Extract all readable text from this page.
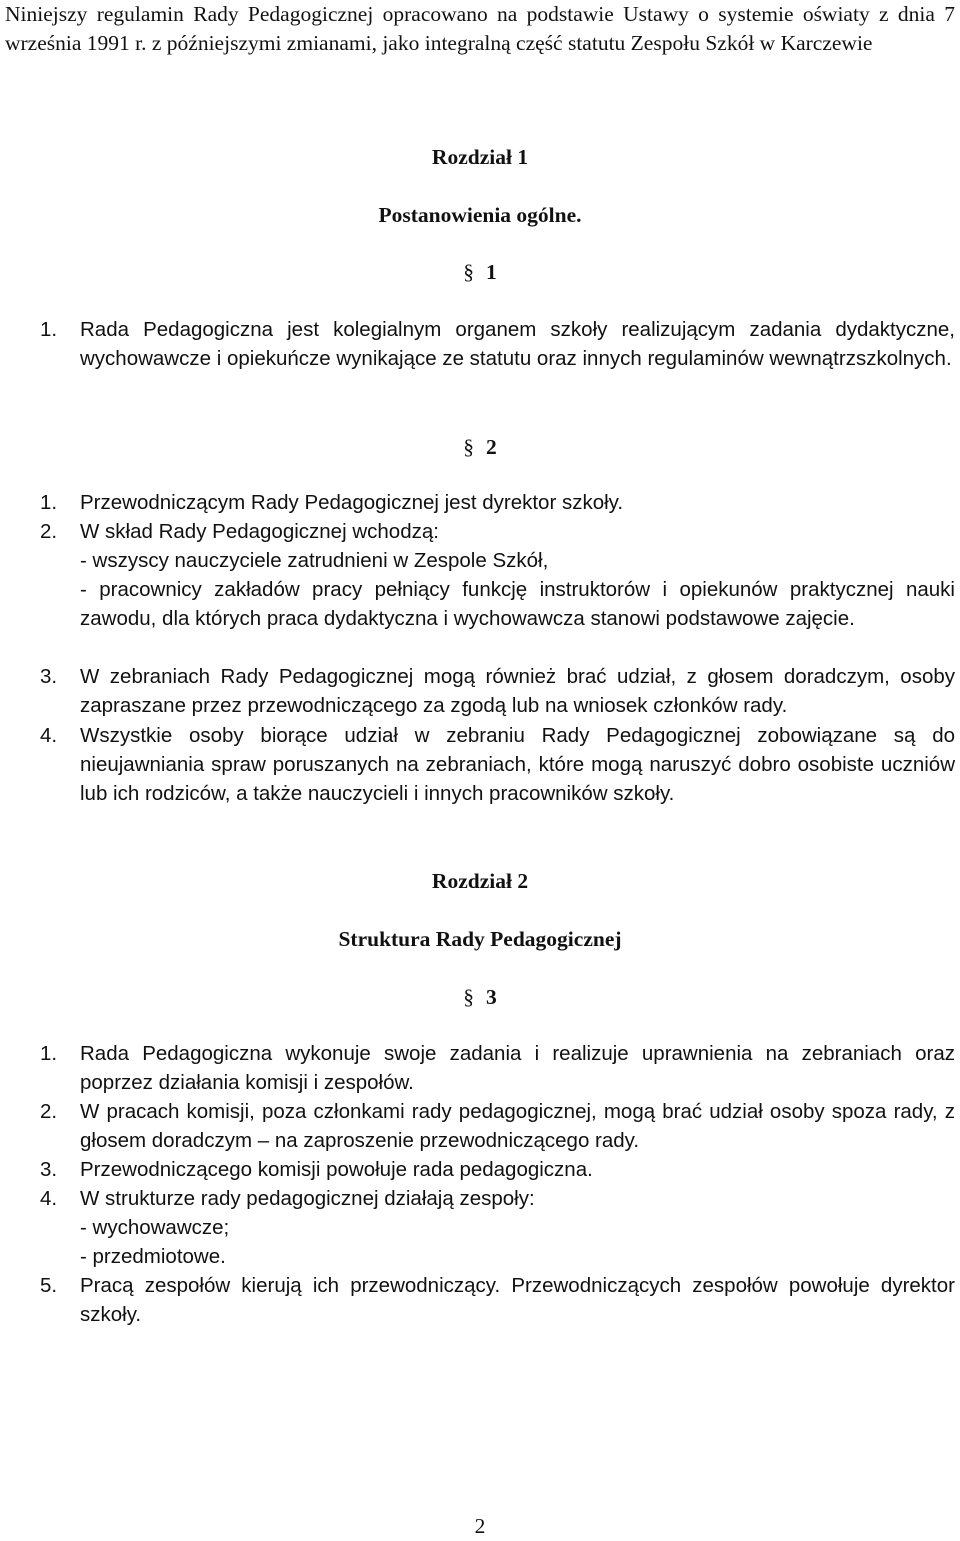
Niniejszy regulamin Rady Pedagogicznej opracowano na podstawie Ustawy o systemie oświaty z dnia 7 września 1991 r. z późniejszymi zmianami, jako integralną część statutu Zespołu Szkół w Karczewie
Rozdział 1
Postanowienia ogólne.
§ 1
1.	Rada Pedagogiczna jest kolegialnym organem szkoły realizującym zadania dydaktyczne, wychowawcze i opiekuńcze wynikające ze statutu oraz innych regulaminów wewnątrzszkolnych.
§ 2
1.	Przewodniczącym Rady Pedagogicznej jest dyrektor szkoły.
2.	W skład Rady Pedagogicznej wchodzą:
- wszyscy nauczyciele zatrudnieni w Zespole Szkół,
- pracownicy zakładów pracy pełniący funkcję instruktorów i opiekunów praktycznej nauki zawodu, dla których praca dydaktyczna i wychowawcza stanowi podstawowe zajęcie.
3.	W zebraniach Rady Pedagogicznej mogą również brać udział, z głosem doradczym, osoby zapraszane przez przewodniczącego za zgodą lub na wniosek członków rady.
4.	Wszystkie osoby biorące udział w zebraniu Rady Pedagogicznej zobowiązane są do nieujawniania spraw poruszanych na zebraniach, które mogą naruszyć dobro osobiste uczniów lub ich rodziców, a także nauczycieli i innych pracowników szkoły.
Rozdział 2
Struktura Rady Pedagogicznej
§ 3
1.	Rada Pedagogiczna wykonuje swoje zadania i realizuje uprawnienia na zebraniach oraz poprzez działania komisji i zespołów.
2.	W pracach komisji, poza członkami rady pedagogicznej, mogą brać udział osoby spoza rady, z głosem doradczym – na zaproszenie przewodniczącego rady.
3.	Przewodniczącego komisji powołuje rada pedagogiczna.
4.	W strukturze rady pedagogicznej działają zespoły:
- wychowawcze;
- przedmiotowe.
5.	Pracą zespołów kierują ich przewodniczący. Przewodniczących zespołów powołuje dyrektor szkoły.
2
